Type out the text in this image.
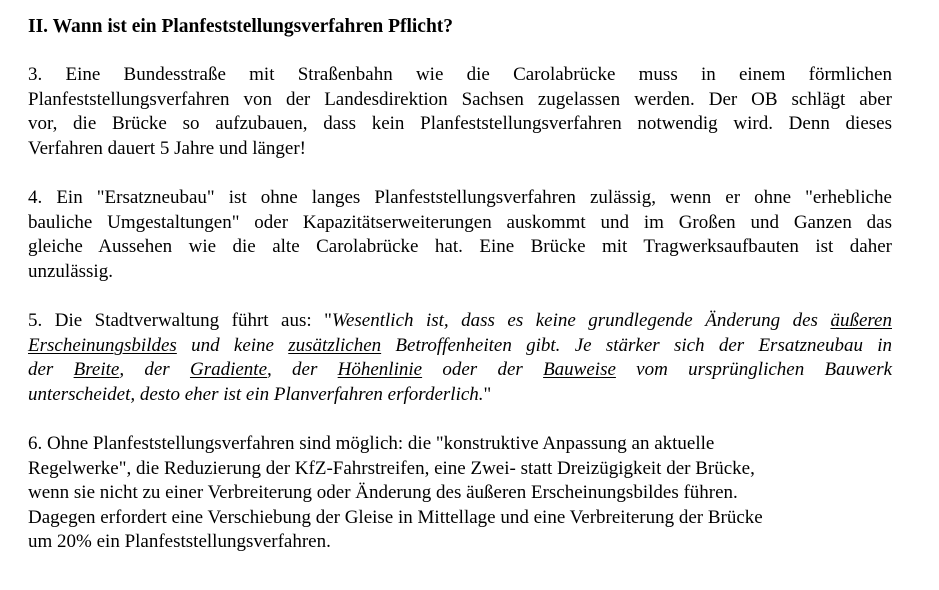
II. Wann ist ein Planfeststellungsverfahren Pflicht?
3. Eine Bundesstraße mit Straßenbahn wie die Carolabrücke muss in einem förmlichen
Planfeststellungsverfahren von der Landesdirektion Sachsen zugelassen werden. Der OB schlägt aber
vor, die Brücke so aufzubauen, dass kein Planfeststellungsverfahren notwendig wird. Denn dieses
Verfahren dauert 5 Jahre und länger!
4. Ein "Ersatzneubau" ist ohne langes Planfeststellungsverfahren zulässig, wenn er ohne "erhebliche
bauliche Umgestaltungen" oder Kapazitätserweiterungen auskommt und im Großen und Ganzen das
gleiche Aussehen wie die alte Carolabrücke hat. Eine Brücke mit Tragwerksaufbauten ist daher
unzulässig.
5. Die Stadtverwaltung führt aus: "Wesentlich ist, dass es keine grundlegende Änderung des äußeren
Erscheinungsbildes und keine zusätzlichen Betroffenheiten gibt. Je stärker sich der Ersatzneubau in
der Breite, der Gradiente, der Höhenlinie oder der Bauweise vom ursprünglichen Bauwerk
unterscheidet, desto eher ist ein Planverfahren erforderlich."
6. Ohne Planfeststellungsverfahren sind möglich: die "konstruktive Anpassung an aktuelle
Regelwerke", die Reduzierung der KfZ-Fahrstreifen, eine Zwei- statt Dreizügigkeit der Brücke,
wenn sie nicht zu einer Verbreiterung oder Änderung des äußeren Erscheinungsbildes führen.
Dagegen erfordert eine Verschiebung der Gleise in Mittellage und eine Verbreiterung der Brücke
um 20% ein Planfeststellungsverfahren.
